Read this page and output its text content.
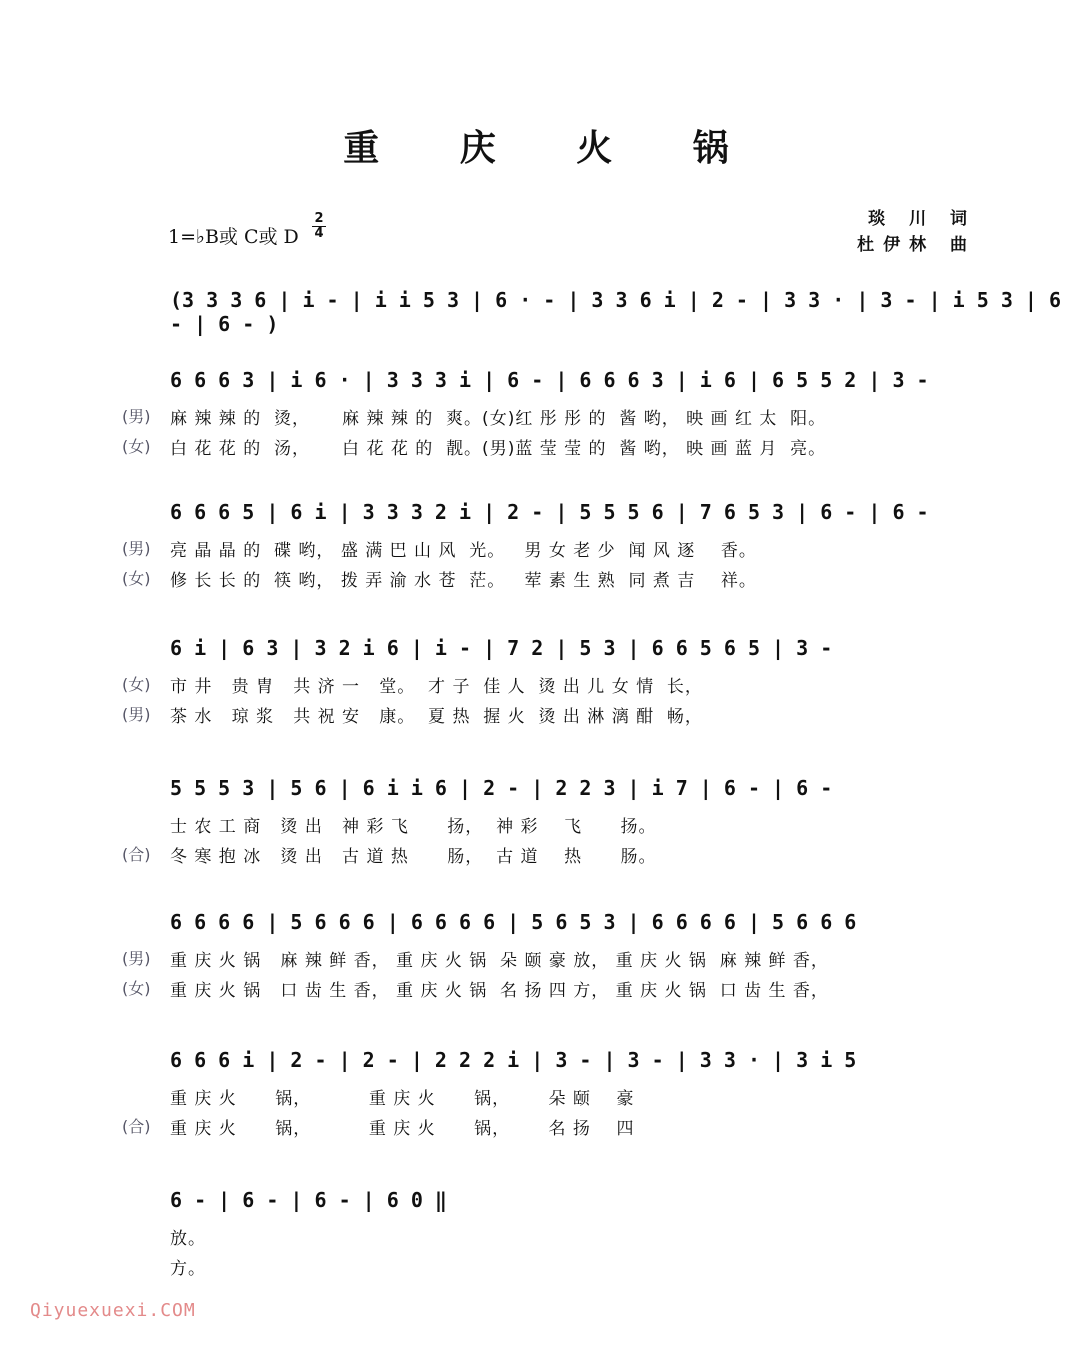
重 庆 火 锅
1=♭B或 C或 D
2
4
琰 川 词
杜伊林 曲
(3 3 3 6 | i - | i i 5 3 | 6 · - | 3 3 6 i | 2 - | 3 3 · | 3 - | i 5 3 | 6 - | 6 - )
6 6 6 3 | i 6 · | 3 3 3 i | 6 - | 6 6 6 3 | i 6 | 6 5 5 2 | 3 -
(男) 麻 辣 辣 的  烫，     麻 辣 辣 的  爽。(女)红 彤 彤 的  酱 哟， 映 画 红 太  阳。
(女) 白 花 花 的  汤，     白 花 花 的  靓。(男)蓝 莹 莹 的  酱 哟， 映 画 蓝 月  亮。
6 6 6 5 | 6 i | 3 3 3 2 i | 2 - | 5 5 5 6 | 7 6 5 3 | 6 - | 6 -
(男) 亮 晶 晶 的  碟 哟， 盛 满 巴 山 风  光。   男 女 老 少  闻 风 逐    香。
(女) 修 长 长 的  筷 哟， 拨 弄 渝 水 苍  茫。   荤 素 生 熟  同 煮 吉    祥。
6 i | 6 3 | 3 2 i 6 | i - | 7 2 | 5 3 | 6 6 5 6 5 | 3 -
(女) 市 井   贵 胄   共 济 一   堂。  才 子  佳 人  烫 出 儿 女 情  长，
(男) 茶 水   琼 浆   共 祝 安   康。  夏 热  握 火  烫 出 淋 漓 酣  畅，
5 5 5 3 | 5 6 | 6 i i 6 | 2 - | 2 2 3 | i 7 | 6 - | 6 -
士 农 工 商   烫 出   神 彩 飞      扬，  神 彩    飞      扬。
(合) 冬 寒 抱 冰   烫 出   古 道 热      肠，  古 道    热      肠。
6 6 6 6 | 5 6 6 6 | 6 6 6 6 | 5 6 5 3 | 6 6 6 6 | 5 6 6 6
(男) 重 庆 火 锅   麻 辣 鲜 香， 重 庆 火 锅  朵 颐 豪 放， 重 庆 火 锅  麻 辣 鲜 香，
(女) 重 庆 火 锅   口 齿 生 香， 重 庆 火 锅  名 扬 四 方， 重 庆 火 锅  口 齿 生 香，
6 6 6 i | 2 - | 2 - | 2 2 2 i | 3 - | 3 - | 3 3 · | 3 i 5
重 庆 火      锅，         重 庆 火      锅，      朵 颐    豪
(合) 重 庆 火      锅，         重 庆 火      锅，      名 扬    四
6 - | 6 - | 6 - | 6 0 ‖
放。
方。
Qiyuexuexi.COM
